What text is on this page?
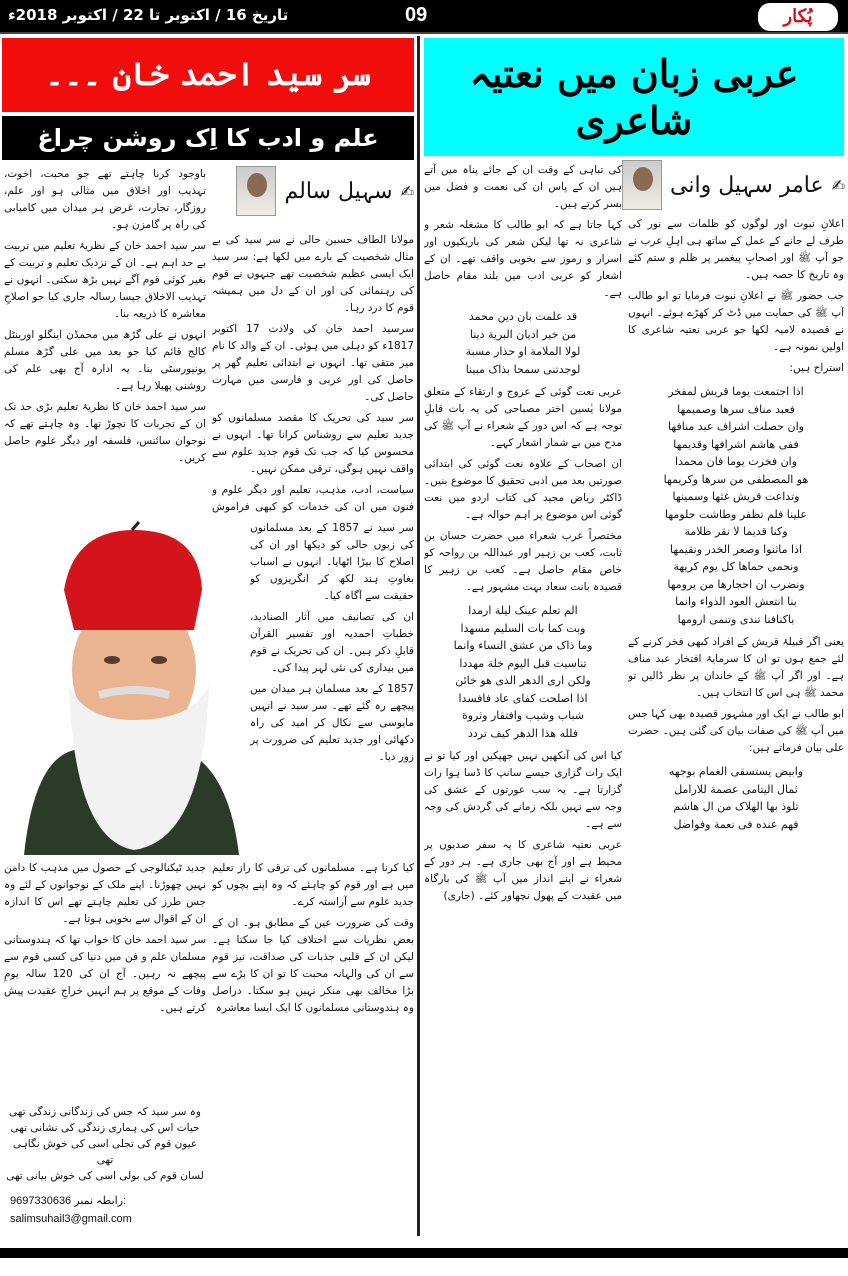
تاریخ 16 / اکتوبر تا 22 / اکتوبر 2018ء	09	پُکار
سر سید احمد خان ۔۔۔
علم و ادب کا اِک روشن چراغ
✍
سہیل سالم

مولانا الطاف حسین حالی نے سر سید کی بے مثال شخصیت کے بارے میں لکھا ہے: سر سید ایک ایسی عظیم شخصیت تھے جنہوں نے قوم کی رہنمائی کی اور ان کے دل میں ہمیشہ قوم کا درد رہا۔

سرسید احمد خان کی ولادت 17 اکتوبر 1817ء کو دہلی میں ہوئی۔ ان کے والد کا نام میر متقی تھا۔ انہوں نے ابتدائی تعلیم گھر پر حاصل کی اور عربی و فارسی میں مہارت حاصل کی۔

سر سید کی تحریک کا مقصد مسلمانوں کو جدید تعلیم سے روشناس کرانا تھا۔ انہوں نے محسوس کیا کہ جب تک قوم جدید علوم سے واقف نہیں ہوگی، ترقی ممکن نہیں۔

سیاست، ادب، مذہب، تعلیم اور دیگر علوم و فنون میں ان کی خدمات کو کبھی فراموش

باوجود کرنا چاہتے تھے جو محبت، اخوت، تہذیب اور اخلاق میں مثالی ہو اور علم، روزگار، تجارت، غرض ہر میدان میں کامیابی کی راہ پر گامزن ہو۔

سر سید احمد خان کے نظریۂ تعلیم میں تربیت بے حد اہم ہے۔ ان کے نزدیک تعلیم و تربیت کے بغیر کوئی قوم آگے نہیں بڑھ سکتی۔ انہوں نے تہذیب الاخلاق جیسا رسالہ جاری کیا جو اصلاحِ معاشرہ کا ذریعہ بنا۔

انہوں نے علی گڑھ میں محمڈن اینگلو اورینٹل کالج قائم کیا جو بعد میں علی گڑھ مسلم یونیورسٹی بنا۔ یہ ادارہ آج بھی علم کی روشنی پھیلا رہا ہے۔

سر سید احمد خان کا نظریۂ تعلیم بڑی حد تک ان کے تجربات کا نچوڑ تھا۔ وہ چاہتے تھے کہ نوجوان سائنس، فلسفہ اور دیگر علوم حاصل کریں۔

سر سید نے 1857 کے بعد مسلمانوں کی زبوں حالی کو دیکھا اور ان کی اصلاح کا بیڑا اٹھایا۔ انہوں نے اسباب بغاوتِ ہند لکھ کر انگریزوں کو حقیقت سے آگاہ کیا۔

ان کی تصانیف میں آثار الصنادید، خطباتِ احمدیہ اور تفسیر القرآن قابلِ ذکر ہیں۔ ان کی تحریک نے قوم میں بیداری کی نئی لہر پیدا کی۔

1857 کے بعد مسلمان ہر میدان میں پیچھے رہ گئے تھے۔ سر سید نے انہیں مایوسی سے نکال کر امید کی راہ دکھائی اور جدید تعلیم کی ضرورت پر زور دیا۔

جدید ٹیکنالوجی کے حصول میں مذہب کا دامن نہیں چھوڑنا۔ اپنے ملک کے نوجوانوں کے لئے وہ جس طرز کی تعلیم چاہتے تھے اس کا اندازہ ان کے اقوال سے بخوبی ہوتا ہے۔

سر سید احمد خان کا خواب تھا کہ ہندوستانی مسلمان علم و فن میں دنیا کی کسی قوم سے پیچھے نہ رہیں۔ آج ان کی 120 سالہ یومِ وفات کے موقع پر ہم انہیں خراجِ عقیدت پیش کرتے ہیں۔

وہ سر سید کہ جس کی زندگانی زندگی تھی
حیات اس کی ہماری زندگی کی نشانی تھی
عیون قوم کی تجلی اسی کی خوش نگاہی تھی
لسان قوم کی بولی اسی کی خوش بیانی تھی

کیا کرنا ہے۔ مسلمانوں کی ترقی کا راز تعلیم میں ہے اور قوم کو چاہئے کہ وہ اپنے بچوں کو جدید علوم سے آراستہ کرے۔

وقت کی ضرورت عین کے مطابق ہو۔ ان کے بعض نظریات سے اختلاف کیا جا سکتا ہے۔ لیکن ان کے قلبی جذبات کی صداقت، نیز قوم سے ان کی والہانہ محبت کا تو ان کا بڑے سے بڑا مخالف بھی منکر نہیں ہو سکتا۔ دراصل وہ ہندوستانی مسلمانوں کا ایک ایسا معاشرہ

9697330636 رابطہ نمبر:
salimsuhail3@gmail.com
عربی زبان میں نعتیہ شاعری
✍
عامر سہیل وانی

اعلانِ نبوت اور لوگوں کو ظلمات سے نور کی طرف لے جانے کے عمل کے ساتھ ہی اہلِ عرب نے جو آپ ﷺ اور اصحابِ پیغمبر پر ظلم و ستم کئے وہ تاریخ کا حصہ ہیں۔

جب حضور ﷺ نے اعلانِ نبوت فرمایا تو ابو طالب آپ ﷺ کی حمایت میں ڈٹ کر کھڑے ہوئے۔ انہوں نے قصیدہ لامیہ لکھا جو عربی نعتیہ شاعری کا اولین نمونہ ہے۔

استراح ہیں:

اذا اجتمعت یوما قریش لمفخر
فعبد مناف سرها وصمیمها
وان حصلت اشراف عبد منافها
ففی هاشم اشرافها وقدیمها
وان فخرت یوما فان محمدا
هو المصطفی من سرها وکریمها
وتداعت قریش غثها وسمینها
علینا فلم تظفر وطاشت حلومها
وکنا قدیما لا نقر ظلامة
اذا ماثنوا وصعر الخدر ونقیمها
ونحمی حماها کل یوم کریهة
ونضرب ان احجارها من یرومها
بنا انتعش العود الذواء وانما
باکنافنا تندی وتنمی ارومها

یعنی اگر قبیلۂ قریش کے افراد کبھی فخر کرنے کے لئے جمع ہوں تو ان کا سرمایۂ افتخار عبد مناف ہے۔ اور اگر آپ ﷺ کے خاندان پر نظر ڈالیں تو محمد ﷺ ہی اس کا انتخاب ہیں۔

ابو طالب نے ایک اور مشہور قصیدہ بھی کہا جس میں آپ ﷺ کی صفات بیان کی گئی ہیں۔ حضرت علی بیان فرماتے ہیں:

وابیض یستسقی الغمام بوجهه
ثمال الیتامی عصمة للارامل
تلوذ بها الهلاک من ال هاشم
فهم عنده فی نعمة وفواضل

کی تباہی کے وقت ان کے جائے پناہ میں آتے ہیں ان کے پاس ان کی نعمت و فضل میں بسر کرتے ہیں۔

کہا جاتا ہے کہ ابو طالب کا مشغلہ شعر و شاعری نہ تھا لیکن شعر کی باریکیوں اور اسرار و رموز سے بخوبی واقف تھے۔ ان کے اشعار کو عربی ادب میں بلند مقام حاصل ہے۔

قد علمت بان دین محمد
من خیر ادیان البریة دینا
لولا الملامة او حذار مسبة
لوجدتنی سمحا بذاک مبینا

عربی نعت گوئی کے عروج و ارتقاء کے متعلق مولانا یٰسین اختر مصباحی کی یہ بات قابلِ توجہ ہے کہ اس دور کے شعراء نے آپ ﷺ کی مدح میں بے شمار اشعار کہے۔

ان اصحاب کے علاوہ نعت گوئی کی ابتدائی صورتیں بعد میں ادبی تحقیق کا موضوع بنیں۔ ڈاکٹر ریاض مجید کی کتاب اردو میں نعت گوئی اس موضوع پر اہم حوالہ ہے۔

مختصراً عرب شعراء میں حضرت حسان بن ثابت، کعب بن زہیر اور عبداللہ بن رواحہ کو خاص مقام حاصل ہے۔ کعب بن زہیر کا قصیدہ بانت سعاد بہت مشہور ہے۔

الم تعلم عینک لیلة ارمدا
وبت کما بات السلیم مسهدا
وما ذاک من عشق النساء وانما
تناسیت قبل الیوم خلة مهددا
ولکن اری الدهر الذی هو خائن
اذا اصلحت کفای عاد فافسدا
شباب وشیب وافتقار وثروة
فلله هذا الدهر کیف تردد

کیا اس کی آنکھیں نہیں جھپکیں اور کیا تو نے ایک رات گزاری جیسے سانپ کا ڈسا ہوا رات گزارتا ہے۔ یہ سب عورتوں کے عشق کی وجہ سے نہیں بلکہ زمانے کی گردش کی وجہ سے ہے۔

عربی نعتیہ شاعری کا یہ سفر صدیوں پر محیط ہے اور آج بھی جاری ہے۔ ہر دور کے شعراء نے اپنے انداز میں آپ ﷺ کی بارگاہ میں عقیدت کے پھول نچھاور کئے۔ (جاری)
